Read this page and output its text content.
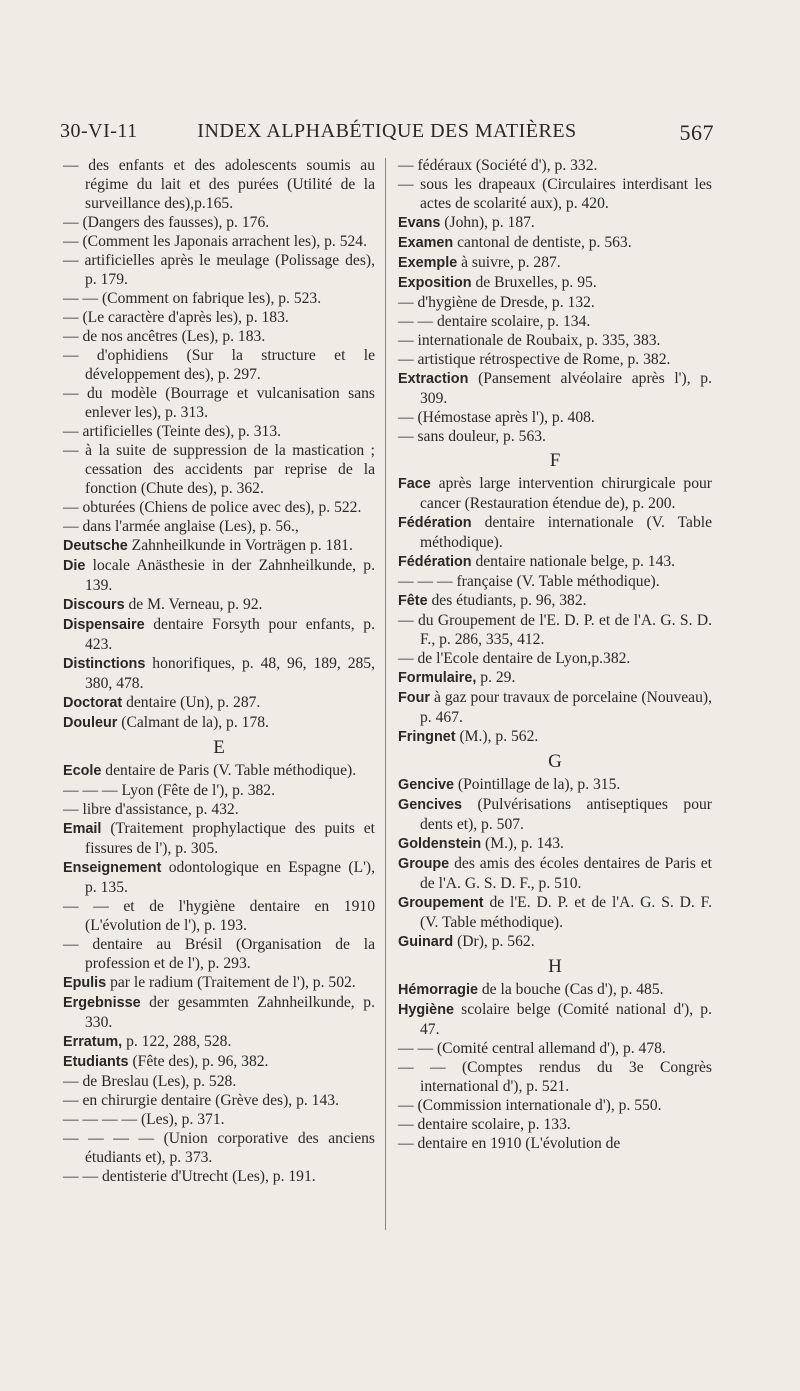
30-VI-11	INDEX ALPHABÉTIQUE DES MATIÈRES	567

— des enfants et des adolescents soumis au régime du lait et des purées (Utilité de la surveillance des),p.165.

— (Dangers des fausses), p. 176.

— (Comment les Japonais arrachent les), p. 524.

— artificielles après le meulage (Polissage des), p. 179.

— — (Comment on fabrique les), p. 523.

— (Le caractère d'après les), p. 183.

— de nos ancêtres (Les), p. 183.

— d'ophidiens (Sur la structure et le développement des), p. 297.

— du modèle (Bourrage et vulcanisation sans enlever les), p. 313.

— artificielles (Teinte des), p. 313.

— à la suite de suppression de la mastication ; cessation des accidents par reprise de la fonction (Chute des), p. 362.

— obturées (Chiens de police avec des), p. 522.

— dans l'armée anglaise (Les), p. 56.,

Deutsche Zahnheilkunde in Vorträgen p. 181.

Die locale Anästhesie in der Zahnheilkunde, p. 139.

Discours de M. Verneau, p. 92.

Dispensaire dentaire Forsyth pour enfants, p. 423.

Distinctions honorifiques, p. 48, 96, 189, 285, 380, 478.

Doctorat dentaire (Un), p. 287.

Douleur (Calmant de la), p. 178.

E

Ecole dentaire de Paris (V. Table méthodique).

— — — Lyon (Fête de l'), p. 382.

— libre d'assistance, p. 432.

Email (Traitement prophylactique des puits et fissures de l'), p. 305.

Enseignement odontologique en Espagne (L'), p. 135.

— — et de l'hygiène dentaire en 1910 (L'évolution de l'), p. 193.

— dentaire au Brésil (Organisation de la profession et de l'), p. 293.

Epulis par le radium (Traitement de l'), p. 502.

Ergebnisse der gesammten Zahnheilkunde, p. 330.

Erratum, p. 122, 288, 528.

Etudiants (Fête des), p. 96, 382.

— de Breslau (Les), p. 528.

— en chirurgie dentaire (Grève des), p. 143.

— — — — (Les), p. 371.

— — — — (Union corporative des anciens étudiants et), p. 373.

— — dentisterie d'Utrecht (Les), p. 191.

— fédéraux (Société d'), p. 332.

— sous les drapeaux (Circulaires interdisant les actes de scolarité aux), p. 420.

Evans (John), p. 187.

Examen cantonal de dentiste, p. 563.

Exemple à suivre, p. 287.

Exposition de Bruxelles, p. 95.

— d'hygiène de Dresde, p. 132.

— — dentaire scolaire, p. 134.

— internationale de Roubaix, p. 335, 383.

— artistique rétrospective de Rome, p. 382.

Extraction (Pansement alvéolaire après l'), p. 309.

— (Hémostase après l'), p. 408.

— sans douleur, p. 563.

F

Face après large intervention chirurgicale pour cancer (Restauration étendue de), p. 200.

Fédération dentaire internationale (V. Table méthodique).

Fédération dentaire nationale belge, p. 143.

— — — française (V. Table méthodique).

Fête des étudiants, p. 96, 382.

— du Groupement de l'E. D. P. et de l'A. G. S. D. F., p. 286, 335, 412.

— de l'Ecole dentaire de Lyon,p.382.

Formulaire, p. 29.

Four à gaz pour travaux de porcelaine (Nouveau), p. 467.

Fringnet (M.), p. 562.

G

Gencive (Pointillage de la), p. 315.

Gencives (Pulvérisations antiseptiques pour dents et), p. 507.

Goldenstein (M.), p. 143.

Groupe des amis des écoles dentaires de Paris et de l'A. G. S. D. F., p. 510.

Groupement de l'E. D. P. et de l'A. G. S. D. F. (V. Table méthodique).

Guinard (Dr), p. 562.

H

Hémorragie de la bouche (Cas d'), p. 485.

Hygiène scolaire belge (Comité national d'), p. 47.

— — (Comité central allemand d'), p. 478.

— — (Comptes rendus du 3e Congrès international d'), p. 521.

— (Commission internationale d'), p. 550.

— dentaire scolaire, p. 133.

— dentaire en 1910 (L'évolution de
